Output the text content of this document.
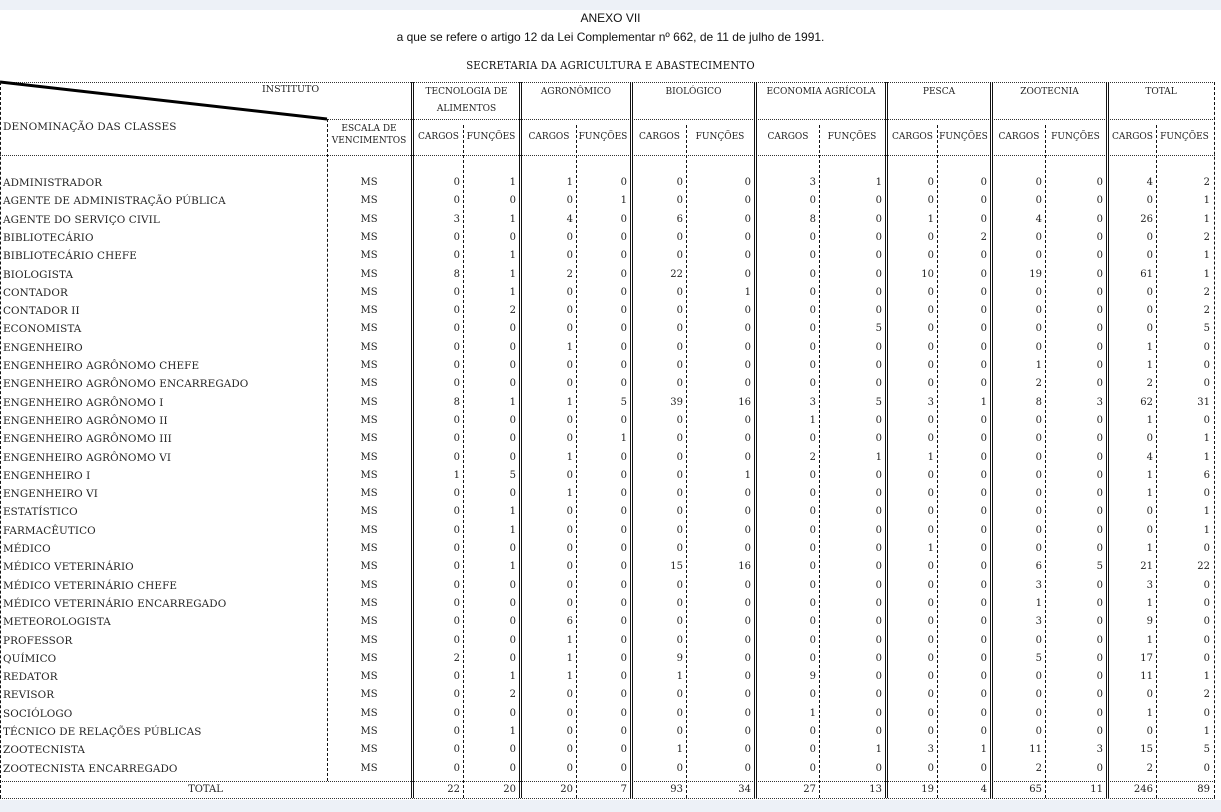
ANEXO VII
a que se refere o artigo 12 da Lei Complementar nº 662, de 11 de julho de 1991.
SECRETARIA DA AGRICULTURA E ABASTECIMENTO
INSTITUTO
DENOMINAÇÃO DAS CLASSES	ESCALA DE VENCIMENTOS
TECNOLOGIA DE ALIMENTOS
CARGOS FUNÇÕES
AGRONÔMICO
CARGOS	FUNÇÕES
BIOLÓGICO
CARGOS	FUNÇÕES
ECONOMIA AGRÍCOLA
CARGOS	FUNÇÕES
PESCA
CARGOS FUNÇÕES
ZOOTECNIA
CARGOS	FUNÇÕES
TOTAL
CARGOS FUNÇÕES
ADMINISTRADOR	MS	0	1	1	0	0	0	3	1	0	0	0	0	4	2
AGENTE DE ADMINISTRAÇÃO PÚBLICA	MS	0	0	0	1	0	0	0	0	0	0	0	0	0	1
AGENTE DO SERVIÇO CIVIL	MS	3	1	4	0	6	0	8	0	1	0	4	0	26	1
BIBLIOTECÁRIO	MS	0	0	0	0	0	0	0	0	0	2	0	0	0	2
BIBLIOTECÁRIO CHEFE	MS	0	1	0	0	0	0	0	0	0	0	0	0	0	1
BIOLOGISTA	MS	8	1	2	0	22	0	0	0	10	0	19	0	61	1
CONTADOR	MS	0	1	0	0	0	1	0	0	0	0	0	0	0	2
CONTADOR II	MS	0	2	0	0	0	0	0	0	0	0	0	0	0	2
ECONOMISTA	MS	0	0	0	0	0	0	0	5	0	0	0	0	0	5
ENGENHEIRO	MS	0	0	1	0	0	0	0	0	0	0	0	0	1	0
ENGENHEIRO AGRÔNOMO CHEFE	MS	0	0	0	0	0	0	0	0	0	0	1	0	1	0
ENGENHEIRO AGRÔNOMO ENCARREGADO	MS	0	0	0	0	0	0	0	0	0	0	2	0	2	0
ENGENHEIRO AGRÔNOMO I	MS	8	1	1	5	39	16	3	5	3	1	8	3	62	31
ENGENHEIRO AGRÔNOMO II	MS	0	0	0	0	0	0	1	0	0	0	0	0	1	0
ENGENHEIRO AGRÔNOMO III	MS	0	0	0	1	0	0	0	0	0	0	0	0	0	1
ENGENHEIRO AGRÔNOMO VI	MS	0	0	1	0	0	0	2	1	1	0	0	0	4	1
ENGENHEIRO I	MS	1	5	0	0	0	1	0	0	0	0	0	0	1	6
ENGENHEIRO VI	MS	0	0	1	0	0	0	0	0	0	0	0	0	1	0
ESTATÍSTICO	MS	0	1	0	0	0	0	0	0	0	0	0	0	0	1
FARMACÊUTICO	MS	0	1	0	0	0	0	0	0	0	0	0	0	0	1
MÉDICO	MS	0	0	0	0	0	0	0	0	1	0	0	0	1	0
MÉDICO VETERINÁRIO	MS	0	1	0	0	15	16	0	0	0	0	6	5	21	22
MÉDICO VETERINÁRIO CHEFE	MS	0	0	0	0	0	0	0	0	0	0	3	0	3	0
MÉDICO VETERINÁRIO ENCARREGADO	MS	0	0	0	0	0	0	0	0	0	0	1	0	1	0
METEOROLOGISTA	MS	0	0	6	0	0	0	0	0	0	0	3	0	9	0
PROFESSOR	MS	0	0	1	0	0	0	0	0	0	0	0	0	1	0
QUÍMICO	MS	2	0	1	0	9	0	0	0	0	0	5	0	17	0
REDATOR	MS	0	1	1	0	1	0	9	0	0	0	0	0	11	1
REVISOR	MS	0	2	0	0	0	0	0	0	0	0	0	0	0	2
SOCIÓLOGO	MS	0	0	0	0	0	0	1	0	0	0	0	0	1	0
TÉCNICO DE RELAÇÕES PÚBLICAS	MS	0	1	0	0	0	0	0	0	0	0	0	0	0	1
ZOOTECNISTA	MS	0	0	0	0	1	0	0	1	3	1	11	3	15	5
ZOOTECNISTA ENCARREGADO	MS	0	0	0	0	0	0	0	0	0	0	2	0	2	0
TOTAL	22	20	20	7	93	34	27	13	19	4	65	11	246	89
